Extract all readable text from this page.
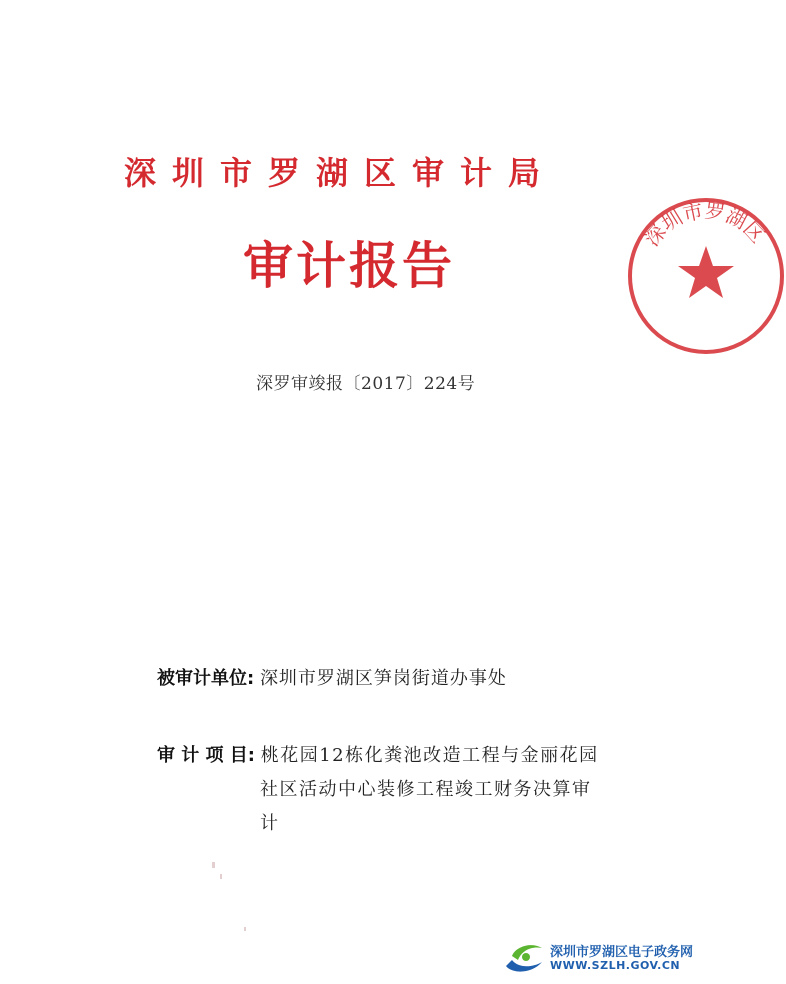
深圳市罗湖区审计局
审计报告
深罗审竣报〔2017〕224号
深圳市罗湖区
被审计单位: 深圳市罗湖区笋岗街道办事处
审 计 项 目: 桃花园12栋化粪池改造工程与金丽花园
社区活动中心装修工程竣工财务决算审
计
深圳市罗湖区电子政务网
WWW.SZLH.GOV.CN
